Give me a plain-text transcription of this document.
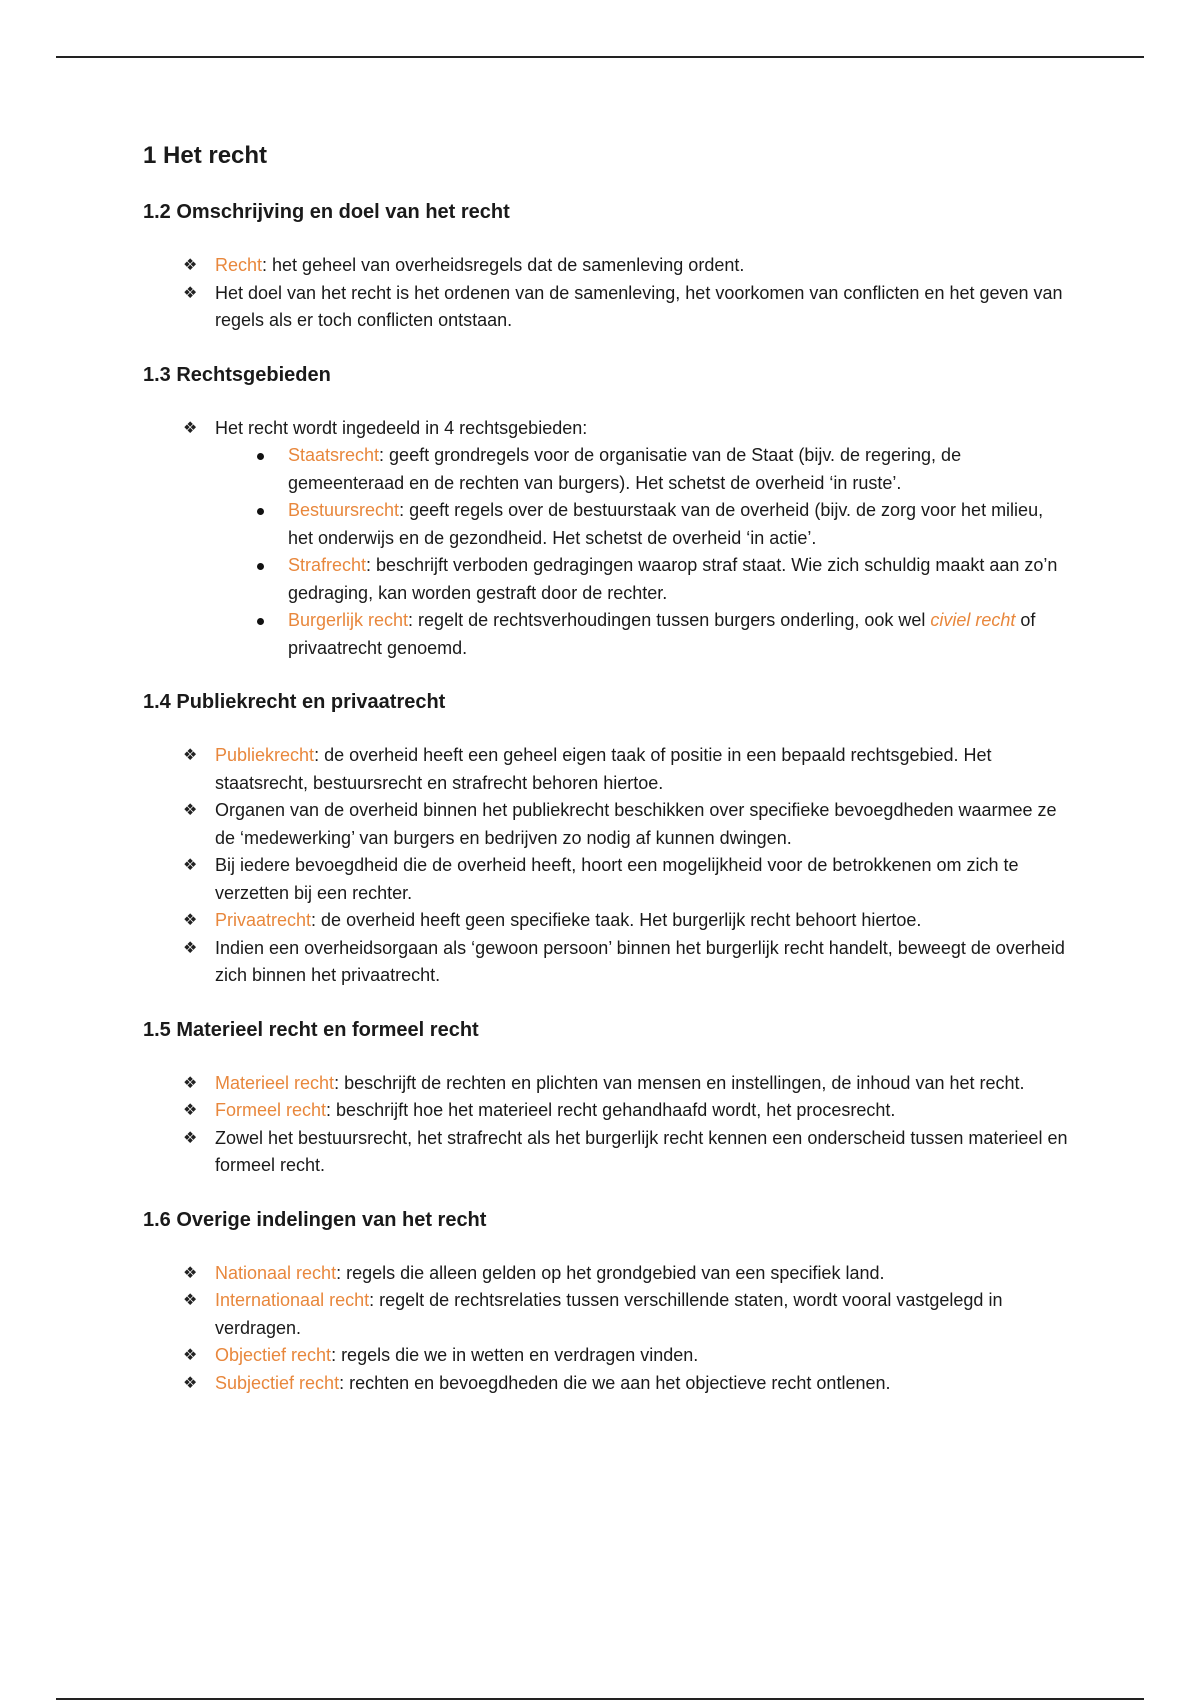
1 Het recht
1.2 Omschrijving en doel van het recht
❖ Recht: het geheel van overheidsregels dat de samenleving ordent.
❖ Het doel van het recht is het ordenen van de samenleving, het voorkomen van conflicten en het geven van regels als er toch conflicten ontstaan.
1.3 Rechtsgebieden
❖ Het recht wordt ingedeeld in 4 rechtsgebieden:
Staatsrecht: geeft grondregels voor de organisatie van de Staat (bijv. de regering, de gemeenteraad en de rechten van burgers). Het schetst de overheid ‘in ruste’.
Bestuursrecht: geeft regels over de bestuurstaak van de overheid (bijv. de zorg voor het milieu, het onderwijs en de gezondheid. Het schetst de overheid ‘in actie’.
Strafrecht: beschrijft verboden gedragingen waarop straf staat. Wie zich schuldig maakt aan zo’n gedraging, kan worden gestraft door de rechter.
Burgerlijk recht: regelt de rechtsverhoudingen tussen burgers onderling, ook wel civiel recht of privaatrecht genoemd.
1.4 Publiekrecht en privaatrecht
❖ Publiekrecht: de overheid heeft een geheel eigen taak of positie in een bepaald rechtsgebied. Het staatsrecht, bestuursrecht en strafrecht behoren hiertoe.
❖ Organen van de overheid binnen het publiekrecht beschikken over specifieke bevoegdheden waarmee ze de ‘medewerking’ van burgers en bedrijven zo nodig af kunnen dwingen.
❖ Bij iedere bevoegdheid die de overheid heeft, hoort een mogelijkheid voor de betrokkenen om zich te verzetten bij een rechter.
❖ Privaatrecht: de overheid heeft geen specifieke taak. Het burgerlijk recht behoort hiertoe.
❖ Indien een overheidsorgaan als ‘gewoon persoon’ binnen het burgerlijk recht handelt, beweegt de overheid zich binnen het privaatrecht.
1.5 Materieel recht en formeel recht
❖ Materieel recht: beschrijft de rechten en plichten van mensen en instellingen, de inhoud van het recht.
❖ Formeel recht: beschrijft hoe het materieel recht gehandhaafd wordt, het procesrecht.
❖ Zowel het bestuursrecht, het strafrecht als het burgerlijk recht kennen een onderscheid tussen materieel en formeel recht.
1.6 Overige indelingen van het recht
❖ Nationaal recht: regels die alleen gelden op het grondgebied van een specifiek land.
❖ Internationaal recht: regelt de rechtsrelaties tussen verschillende staten, wordt vooral vastgelegd in verdragen.
❖ Objectief recht: regels die we in wetten en verdragen vinden.
❖ Subjectief recht: rechten en bevoegdheden die we aan het objectieve recht ontlenen.
